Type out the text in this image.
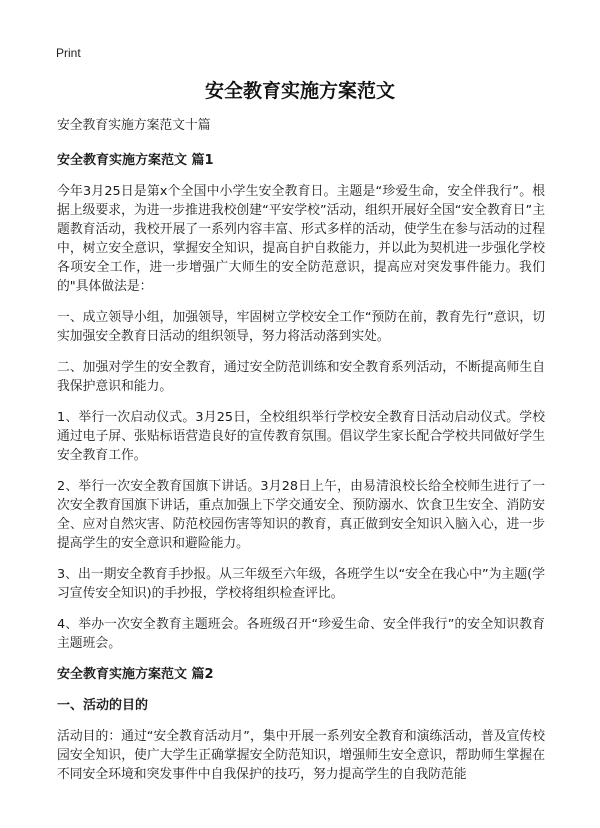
Print
安全教育实施方案范文

安全教育实施方案范文十篇

安全教育实施方案范文 篇1

今年3月25日是第x个全国中小学生安全教育日。主题是“珍爱生命，安全伴我行”。根据上级要求，为进一步推进我校创建“平安学校”活动，组织开展好全国“安全教育日”主题教育活动，我校开展了一系列内容丰富、形式多样的活动，使学生在参与活动的过程中，树立安全意识，掌握安全知识，提高自护自救能力，并以此为契机进一步强化学校各项安全工作，进一步增强广大师生的安全防范意识，提高应对突发事件能力。我们的"具体做法是：

一、成立领导小组，加强领导，牢固树立学校安全工作“预防在前，教育先行”意识，切实加强安全教育日活动的组织领导，努力将活动落到实处。

二、加强对学生的安全教育，通过安全防范训练和安全教育系列活动，不断提高师生自我保护意识和能力。

1、举行一次启动仪式。3月25日，全校组织举行学校安全教育日活动启动仪式。学校通过电子屏、张贴标语营造良好的宣传教育氛围。倡议学生家长配合学校共同做好学生安全教育工作。

2、举行一次安全教育国旗下讲话。3月28日上午，由易清浪校长给全校师生进行了一次安全教育国旗下讲话，重点加强上下学交通安全、预防溺水、饮食卫生安全、消防安全、应对自然灾害、防范校园伤害等知识的教育，真正做到安全知识入脑入心，进一步提高学生的安全意识和避险能力。

3、出一期安全教育手抄报。从三年级至六年级，各班学生以“安全在我心中”为主题(学习宣传安全知识)的手抄报，学校将组织检查评比。

4、举办一次安全教育主题班会。各班级召开“珍爱生命、安全伴我行”的安全知识教育主题班会。

安全教育实施方案范文 篇2
一、活动的目的

活动目的：通过“安全教育活动月”，集中开展一系列安全教育和演练活动，普及宣传校园安全知识，使广大学生正确掌握安全防范知识，增强师生安全意识，帮助师生掌握在不同安全环境和突发事件中自我保护的技巧，努力提高学生的自我防范能
